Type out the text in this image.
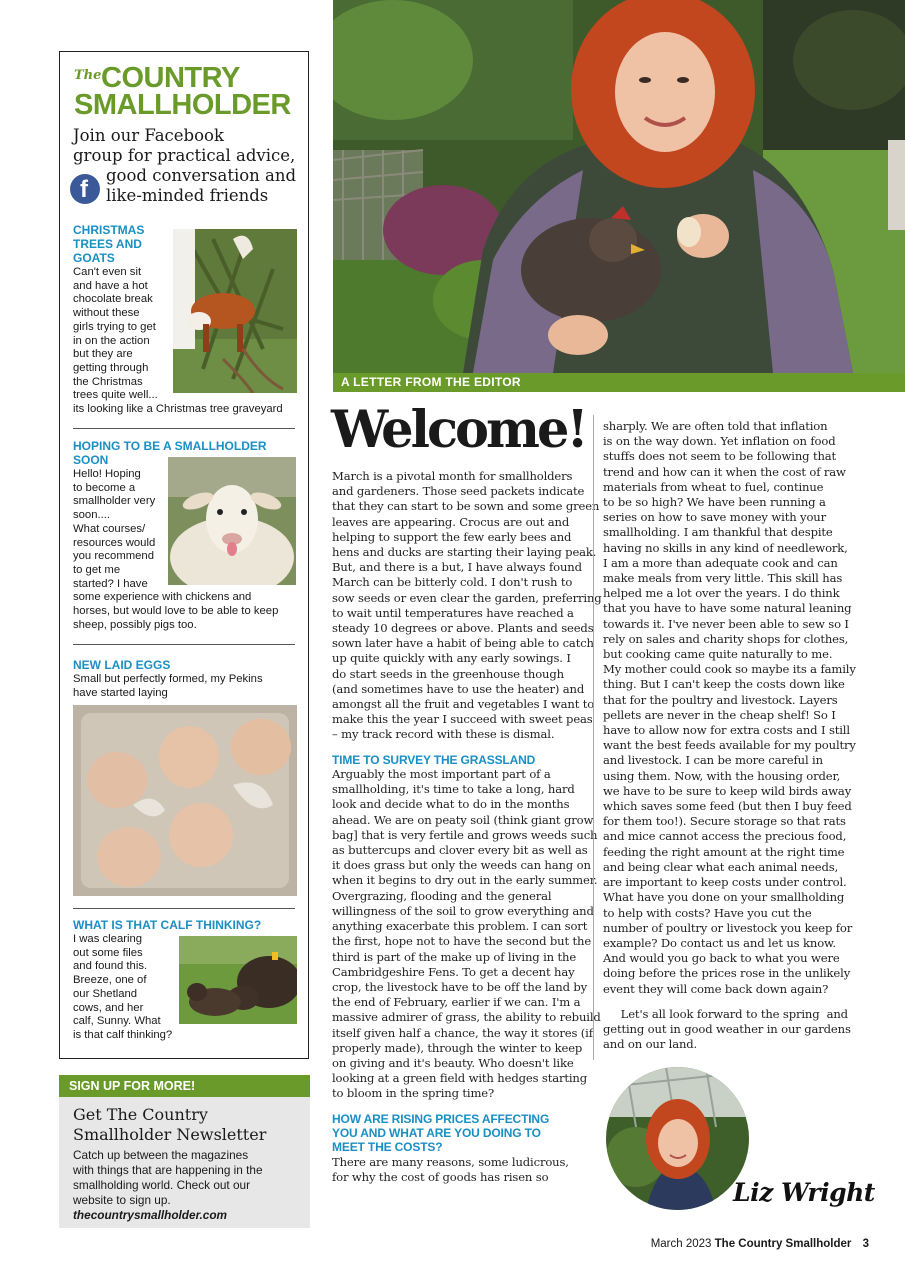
The COUNTRY
SMALLHOLDER
Join our Facebook
group for practical advice,
good conversation and
like-minded friends
f
CHRISTMAS
TREES AND
GOATS
Can't even sit
and have a hot
chocolate break
without these
girls trying to get
in on the action
but they are
getting through
the Christmas
trees quite well...
its looking like a Christmas tree graveyard
HOPING TO BE A SMALLHOLDER
SOON
Hello! Hoping
to become a
smallholder very
soon....
What courses/
resources would
you recommend
to get me
started? I have
some experience with chickens and
horses, but would love to be able to keep
sheep, possibly pigs too.
NEW LAID EGGS
Small but perfectly formed, my Pekins
have started laying
WHAT IS THAT CALF THINKING?
I was clearing
out some files
and found this.
Breeze, one of
our Shetland
cows, and her
calf, Sunny. What
is that calf thinking?
SIGN UP FOR MORE!
Get The Country
Smallholder Newsletter
Catch up between the magazines
with things that are happening in the
smallholding world. Check out our
website to sign up.
thecountrysmallholder.com
A LETTER FROM THE EDITOR
Welcome!
March is a pivotal month for smallholders
and gardeners. Those seed packets indicate
that they can start to be sown and some green
leaves are appearing. Crocus are out and
helping to support the few early bees and
hens and ducks are starting their laying peak.
But, and there is a but, I have always found
March can be bitterly cold. I don't rush to
sow seeds or even clear the garden, preferring
to wait until temperatures have reached a
steady 10 degrees or above. Plants and seeds
sown later have a habit of being able to catch
up quite quickly with any early sowings. I
do start seeds in the greenhouse though
(and sometimes have to use the heater) and
amongst all the fruit and vegetables I want to
make this the year I succeed with sweet peas
– my track record with these is dismal.
TIME TO SURVEY THE GRASSLAND
Arguably the most important part of a
smallholding, it's time to take a long, hard
look and decide what to do in the months
ahead. We are on peaty soil (think giant grow
bag] that is very fertile and grows weeds such
as buttercups and clover every bit as well as
it does grass but only the weeds can hang on
when it begins to dry out in the early summer.
Overgrazing, flooding and the general
willingness of the soil to grow everything and
anything exacerbate this problem. I can sort
the first, hope not to have the second but the
third is part of the make up of living in the
Cambridgeshire Fens. To get a decent hay
crop, the livestock have to be off the land by
the end of February, earlier if we can. I'm a
massive admirer of grass, the ability to rebuild
itself given half a chance, the way it stores (if
properly made), through the winter to keep
on giving and it's beauty. Who doesn't like
looking at a green field with hedges starting
to bloom in the spring time?
HOW ARE RISING PRICES AFFECTING
YOU AND WHAT ARE YOU DOING TO
MEET THE COSTS?
There are many reasons, some ludicrous,
for why the cost of goods has risen so
sharply. We are often told that inflation
is on the way down. Yet inflation on food
stuffs does not seem to be following that
trend and how can it when the cost of raw
materials from wheat to fuel, continue
to be so high? We have been running a
series on how to save money with your
smallholding. I am thankful that despite
having no skills in any kind of needlework,
I am a more than adequate cook and can
make meals from very little. This skill has
helped me a lot over the years. I do think
that you have to have some natural leaning
towards it. I've never been able to sew so I
rely on sales and charity shops for clothes,
but cooking came quite naturally to me.
My mother could cook so maybe its a family
thing. But I can't keep the costs down like
that for the poultry and livestock. Layers
pellets are never in the cheap shelf! So I
have to allow now for extra costs and I still
want the best feeds available for my poultry
and livestock. I can be more careful in
using them. Now, with the housing order,
we have to be sure to keep wild birds away
which saves some feed (but then I buy feed
for them too!). Secure storage so that rats
and mice cannot access the precious food,
feeding the right amount at the right time
and being clear what each animal needs,
are important to keep costs under control.
What have you done on your smallholding
to help with costs? Have you cut the
number of poultry or livestock you keep for
example? Do contact us and let us know.
And would you go back to what you were
doing before the prices rose in the unlikely
event they will come back down again?
Let's all look forward to the spring  and
getting out in good weather in our gardens
and on our land.
Liz Wright
March 2023 The Country Smallholder 3
